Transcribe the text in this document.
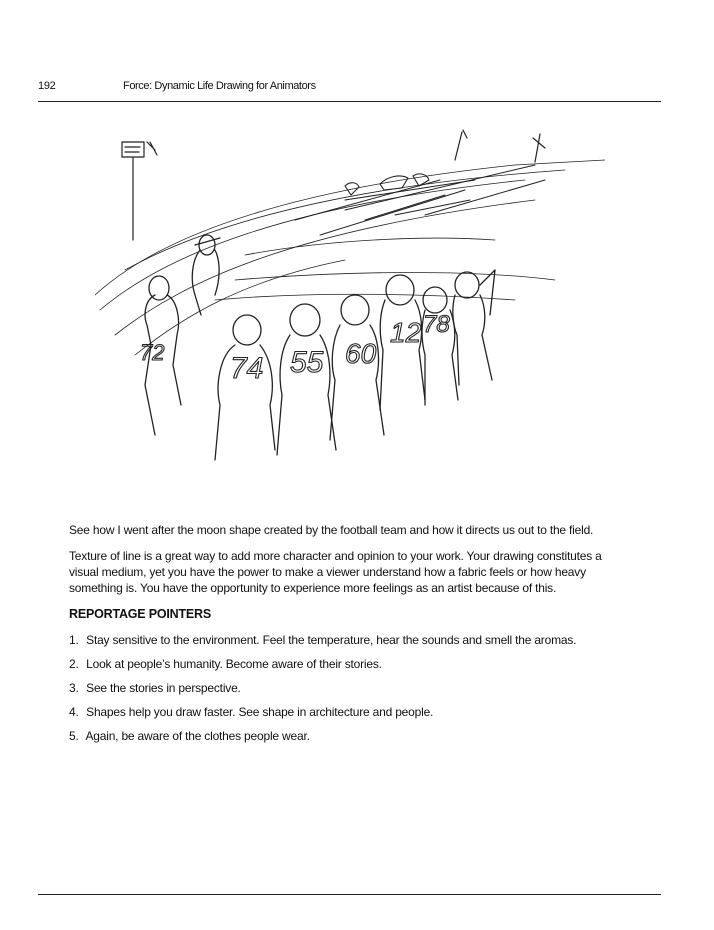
192	Force: Dynamic Life Drawing for Animators
72 74 55 60
12 78

See how I went after the moon shape created by the football team and how it directs us out to the field.

Texture of line is a great way to add more character and opinion to your work. Your drawing constitutes a visual medium, yet you have the power to make a viewer understand how a fabric feels or how heavy something is. You have the opportunity to experience more feelings as an artist because of this.

REPORTAGE POINTERS
1. Stay sensitive to the environment. Feel the temperature, hear the sounds and smell the aromas.
2. Look at people’s humanity. Become aware of their stories.
3. See the stories in perspective.
4. Shapes help you draw faster. See shape in architecture and people.
5. Again, be aware of the clothes people wear.
